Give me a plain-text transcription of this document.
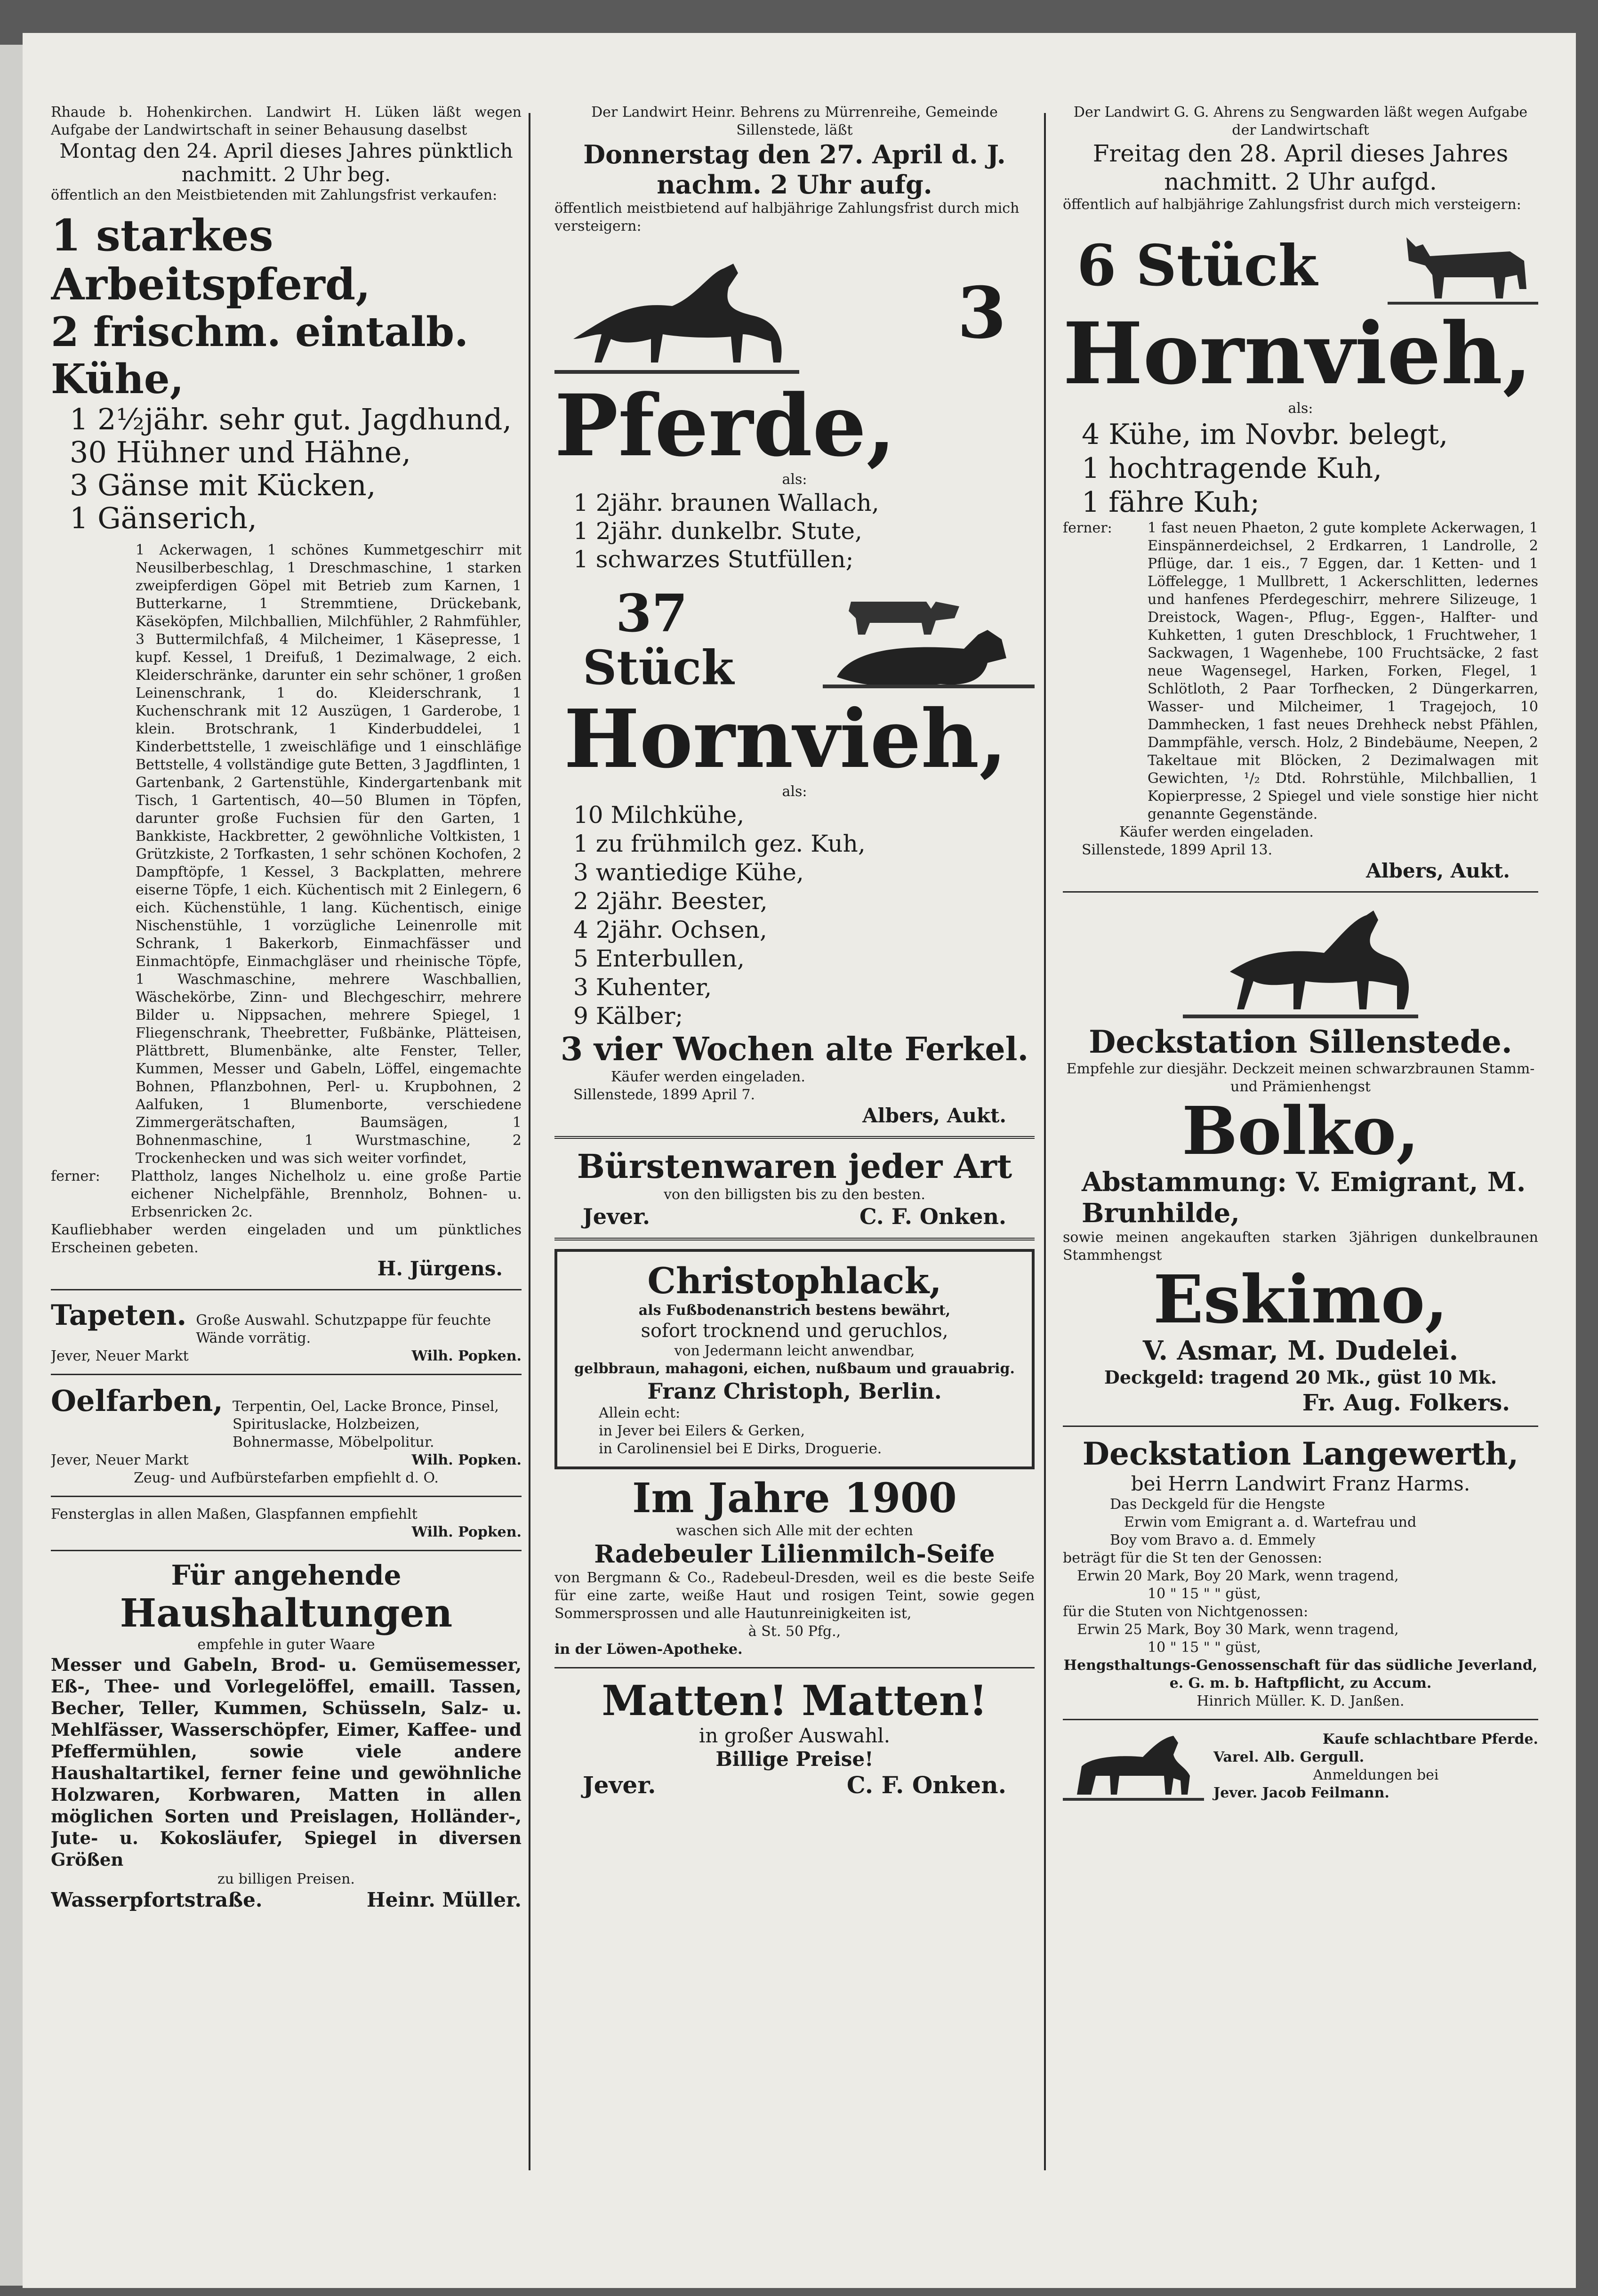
Rhaude b. Hohenkirchen. Landwirt H. Lüken läßt wegen Aufgabe der Landwirtschaft in seiner Behausung daselbst

Montag den 24. April dieses Jahres pünktlich nachmitt. 2 Uhr beg.

öffentlich an den Meistbietenden mit Zahlungsfrist verkaufen:

1 starkes Arbeitspferd,

2 frischm. eintalb. Kühe,

1 2½jähr. sehr gut. Jagdhund,

30 Hühner und Hähne,

3 Gänse mit Kücken,

1 Gänserich,

1 Ackerwagen, 1 schönes Kummetgeschirr mit Neusilberbeschlag, 1 Dreschmaschine, 1 starken zweipferdigen Göpel mit Betrieb zum Karnen, 1 Butterkarne, 1 Stremmtiene, Drückebank, Käseköpfen, Milchballien, Milchfühler, 2 Rahmfühler, 3 Buttermilchfaß, 4 Milcheimer, 1 Käsepresse, 1 kupf. Kessel, 1 Dreifuß, 1 Dezimalwage, 2 eich. Kleiderschränke, darunter ein sehr schöner, 1 großen Leinenschrank, 1 do. Kleiderschrank, 1 Kuchenschrank mit 12 Auszügen, 1 Garderobe, 1 klein. Brotschrank, 1 Kinderbuddelei, 1 Kinderbettstelle, 1 zweischläfige und 1 einschläfige Bettstelle, 4 vollständige gute Betten, 3 Jagdflinten, 1 Gartenbank, 2 Gartenstühle, Kindergartenbank mit Tisch, 1 Gartentisch, 40—50 Blumen in Töpfen, darunter große Fuchsien für den Garten, 1 Bankkiste, Hackbretter, 2 gewöhnliche Voltkisten, 1 Grützkiste, 2 Torfkasten, 1 sehr schönen Kochofen, 2 Dampftöpfe, 1 Kessel, 3 Backplatten, mehrere eiserne Töpfe, 1 eich. Küchentisch mit 2 Einlegern, 6 eich. Küchenstühle, 1 lang. Küchentisch, einige Nischenstühle, 1 vorzügliche Leinenrolle mit Schrank, 1 Bakerkorb, Einmachfässer und Einmachtöpfe, Einmachgläser und rheinische Töpfe, 1 Waschmaschine, mehrere Waschballien, Wäschekörbe, Zinn- und Blechgeschirr, mehrere Bilder u. Nippsachen, mehrere Spiegel, 1 Fliegenschrank, Theebretter, Fußbänke, Plätteisen, Plättbrett, Blumenbänke, alte Fenster, Teller, Kummen, Messer und Gabeln, Löffel, eingemachte Bohnen, Pflanzbohnen, Perl- u. Krupbohnen, 2 Aalfuken, 1 Blumenborte, verschiedene Zimmergerätschaften, Baumsägen, 1 Bohnenmaschine, 1 Wurstmaschine, 2 Trockenhecken und was sich weiter vorfindet,

ferner:	Plattholz, langes Nichelholz u. eine große Partie eichener Nichelpfähle, Brennholz, Bohnen- u. Erbsenricken 2c.

Kaufliebhaber werden eingeladen und um pünktliches Erscheinen gebeten.

H. Jürgens.

Tapeten. Große Auswahl. Schutzpappe für feuchte Wände vorrätig.
Jever, Neuer Markt	Wilh. Popken.
Oelfarben, Terpentin, Oel, Lacke Bronce, Pinsel, Spirituslacke, Holzbeizen, Bohnermasse, Möbelpolitur.
Jever, Neuer Markt	Wilh. Popken.

Zeug- und Aufbürstefarben empfiehlt d. O.

Fensterglas in allen Maßen, Glaspfannen empfiehlt

Wilh. Popken.

Für angehende

Haushaltungen

empfehle in guter Waare

Messer und Gabeln, Brod- u. Gemüsemesser, Eß-, Thee- und Vorlegelöffel, emaill. Tassen, Becher, Teller, Kummen, Schüsseln, Salz- u. Mehlfässer, Wasserschöpfer, Eimer, Kaffee- und Pfeffermühlen, sowie viele andere Haushaltartikel, ferner feine und gewöhnliche Holzwaren, Korbwaren, Matten in allen möglichen Sorten und Preislagen, Holländer-, Jute- u. Kokosläufer, Spiegel in diversen Größen

zu billigen Preisen.

Wasserpfortstraße.	Heinr. Müller.

Der Landwirt Heinr. Behrens zu Mürrenreihe, Gemeinde Sillenstede, läßt

Donnerstag den 27. April d. J. nachm. 2 Uhr aufg.

öffentlich meistbietend auf halbjährige Zahlungsfrist durch mich versteigern:

3

Pferde,

als:

1 2jähr. braunen Wallach,

1 2jähr. dunkelbr. Stute,

1 schwarzes Stutfüllen;

37

Stück

Hornvieh,

als:

10 Milchkühe,

1 zu frühmilch gez. Kuh,

3 wantiedige Kühe,

2 2jähr. Beester,

4 2jähr. Ochsen,

5 Enterbullen,

3 Kuhenter,

9 Kälber;

3 vier Wochen alte Ferkel.

Käufer werden eingeladen.

Sillenstede, 1899 April 7.

Albers, Aukt.

Bürstenwaren jeder Art

von den billigsten bis zu den besten.

Jever.	C. F. Onken.

Christophlack,

als Fußbodenanstrich bestens bewährt,

sofort trocknend und geruchlos,

von Jedermann leicht anwendbar,

gelbbraun, mahagoni, eichen, nußbaum und grauabrig.

Franz Christoph, Berlin.

Allein echt:

in Jever bei Eilers & Gerken,

in Carolinensiel bei E Dirks, Droguerie.

Im Jahre 1900

waschen sich Alle mit der echten

Radebeuler Lilienmilch-Seife

von Bergmann & Co., Radebeul-Dresden, weil es die beste Seife für eine zarte, weiße Haut und rosigen Teint, sowie gegen Sommersprossen und alle Hautunreinigkeiten ist,

à St. 50 Pfg.,

in der Löwen-Apotheke.

Matten! Matten!

in großer Auswahl.

Billige Preise!

Jever.	C. F. Onken.

Der Landwirt G. G. Ahrens zu Sengwarden läßt wegen Aufgabe der Landwirtschaft

Freitag den 28. April dieses Jahres nachmitt. 2 Uhr aufgd.

öffentlich auf halbjährige Zahlungsfrist durch mich versteigern:

6 Stück

Hornvieh,

als:

4 Kühe, im Novbr. belegt,

1 hochtragende Kuh,

1 fähre Kuh;

ferner:	1 fast neuen Phaeton, 2 gute komplete Ackerwagen, 1 Einspännerdeichsel, 2 Erdkarren, 1 Landrolle, 2 Pflüge, dar. 1 eis., 7 Eggen, dar. 1 Ketten- und 1 Löffelegge, 1 Mullbrett, 1 Ackerschlitten, ledernes und hanfenes Pferdegeschirr, mehrere Silizeuge, 1 Dreistock, Wagen-, Pflug-, Eggen-, Halfter- und Kuhketten, 1 guten Dreschblock, 1 Fruchtweher, 1 Sackwagen, 1 Wagenhebe, 100 Fruchtsäcke, 2 fast neue Wagensegel, Harken, Forken, Flegel, 1 Schlötloth, 2 Paar Torfhecken, 2 Düngerkarren, Wasser- und Milcheimer, 1 Tragejoch, 10 Dammhecken, 1 fast neues Drehheck nebst Pfählen, Dammpfähle, versch. Holz, 2 Bindebäume, Neepen, 2 Takeltaue mit Blöcken, 2 Dezimalwagen mit Gewichten, ¹/₂ Dtd. Rohrstühle, Milchballien, 1 Kopierpresse, 2 Spiegel und viele sonstige hier nicht genannte Gegenstände.

Käufer werden eingeladen.

Sillenstede, 1899 April 13.

Albers, Aukt.

Deckstation Sillenstede.

Empfehle zur diesjähr. Deckzeit meinen schwarzbraunen Stamm- und Prämienhengst

Bolko,

Abstammung: V. Emigrant, M. Brunhilde,

sowie meinen angekauften starken 3jährigen dunkelbraunen Stammhengst

Eskimo,

V. Asmar, M. Dudelei.

Deckgeld: tragend 20 Mk., güst 10 Mk.

Fr. Aug. Folkers.

Deckstation Langewerth,

bei Herrn Landwirt Franz Harms.

Das Deckgeld für die Hengste

Erwin vom Emigrant a. d. Wartefrau und

Boy vom Bravo a. d. Emmely

beträgt für die St ten der Genossen:

Erwin 20 Mark, Boy 20 Mark, wenn tragend,

10 " 15 " " güst,

für die Stuten von Nichtgenossen:

Erwin 25 Mark, Boy 30 Mark, wenn tragend,

10 " 15 " " güst,

Hengsthaltungs-Genossenschaft für das südliche Jeverland, e. G. m. b. Haftpflicht, zu Accum.

Hinrich Müller. K. D. Janßen.

Kaufe schlachtbare Pferde.

Varel. Alb. Gergull.

Anmeldungen bei

Jever. Jacob Feilmann.
